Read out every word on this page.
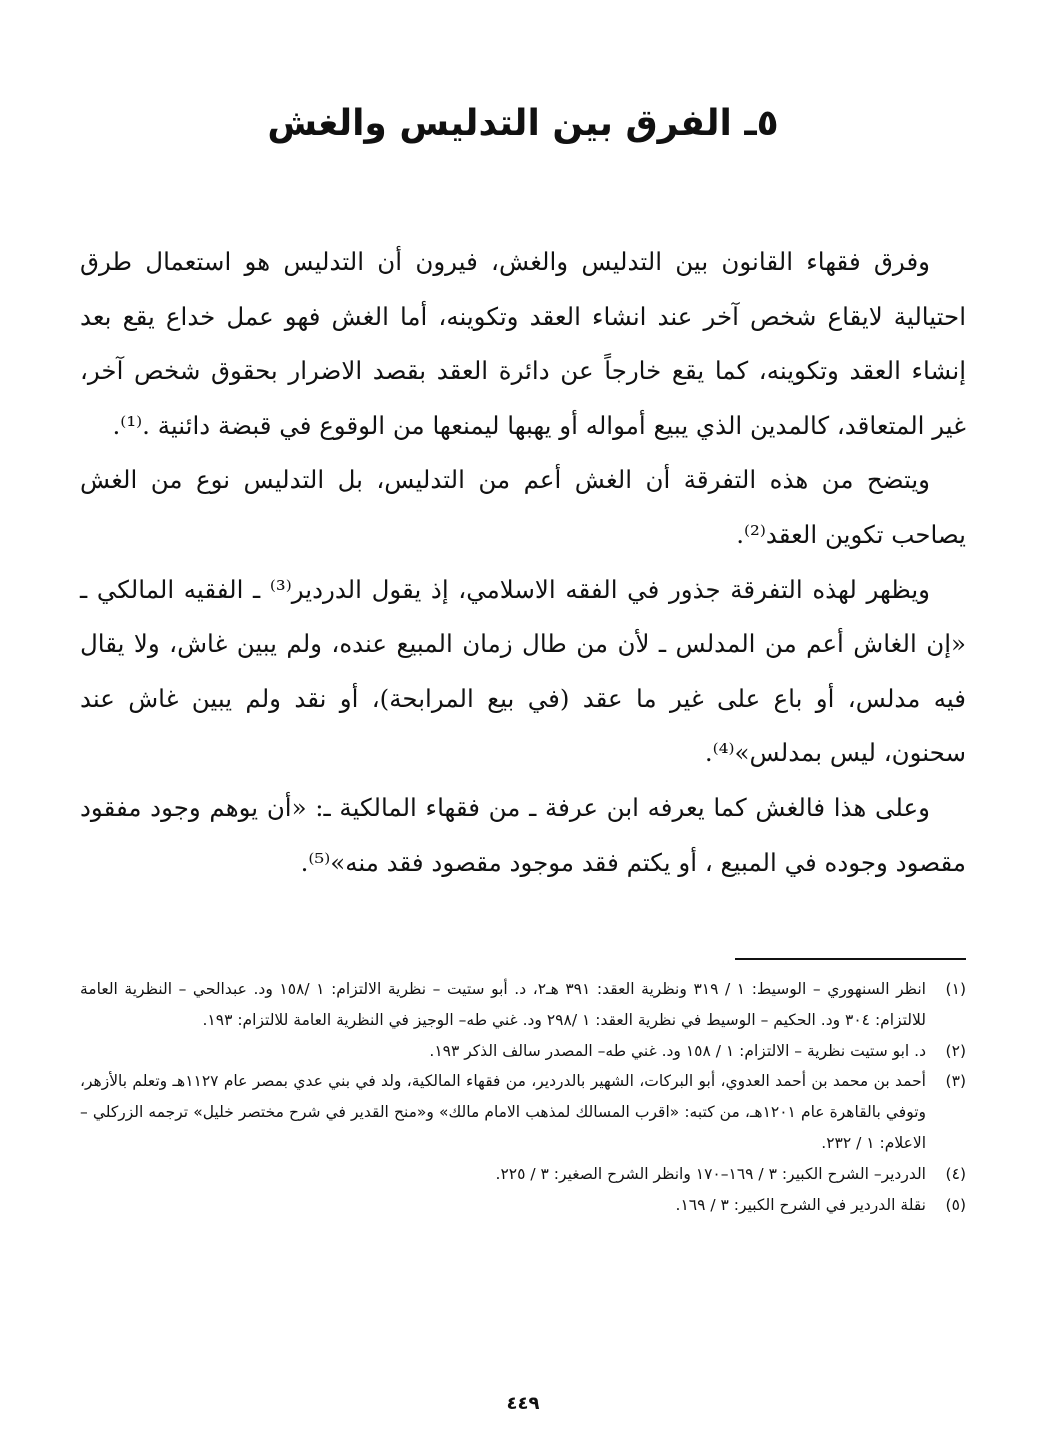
٥ـ الفرق بين التدليس والغش

وفرق فقهاء القانون بين التدليس والغش، فيرون أن التدليس هو استعمال طرق احتيالية لايقاع شخص آخر عند انشاء العقد وتكوينه، أما الغش فهو عمل خداع يقع بعد إنشاء العقد وتكوينه، كما يقع خارجاً عن دائرة العقد بقصد الاضرار بحقوق شخص آخر، غير المتعاقد، كالمدين الذي يبيع أمواله أو يهبها ليمنعها من الوقوع في قبضة دائنية .⁽¹⁾.

ويتضح من هذه التفرقة أن الغش أعم من التدليس، بل التدليس نوع من الغش يصاحب تكوين العقد⁽²⁾.

ويظهر لهذه التفرقة جذور في الفقه الاسلامي، إذ يقول الدردير⁽³⁾ ـ الفقيه المالكي ـ «إن الغاش أعم من المدلس ـ لأن من طال زمان المبيع عنده، ولم يبين غاش، ولا يقال فيه مدلس، أو باع على غير ما عقد (في بيع المرابحة)، أو نقد ولم يبين غاش عند سحنون، ليس بمدلس»⁽⁴⁾.

وعلى هذا فالغش كما يعرفه ابن عرفة ـ من فقهاء المالكية ـ: «أن يوهم وجود مفقود مقصود وجوده في المبيع ، أو يكتم فقد موجود مقصود فقد منه»⁽⁵⁾.

(١)انظر السنهوري – الوسيط: ١ / ٣١٩ ونظرية العقد: ٣٩١ هـ٢، د. أبو ستيت – نظرية الالتزام: ١ /١٥٨ ود. عبدالحي – النظرية العامة للالتزام: ٣٠٤ ود. الحكيم – الوسيط في نظرية العقد: ١ /٢٩٨ ود. غني طه– الوجيز في النظرية العامة للالتزام: ١٩٣.

(٢)د. ابو ستيت نظرية – الالتزام: ١ / ١٥٨ ود. غني طه– المصدر سالف الذكر ١٩٣.

(٣)أحمد بن محمد بن أحمد العدوي، أبو البركات، الشهير بالدردير، من فقهاء المالكية، ولد في بني عدي بمصر عام ١١٢٧هـ وتعلم بالأزهر، وتوفي بالقاهرة عام ١٢٠١هـ، من كتبه: «اقرب المسالك لمذهب الامام مالك» و«منح القدير في شرح مختصر خليل» ترجمه الزركلي – الاعلام: ١ / ٢٣٢.

(٤)الدردير– الشرح الكبير: ٣ / ١٦٩–١٧٠ وانظر الشرح الصغير: ٣ / ٢٢٥.

(٥)نقلة الدردير في الشرح الكبير: ٣ / ١٦٩.

٤٤٩
